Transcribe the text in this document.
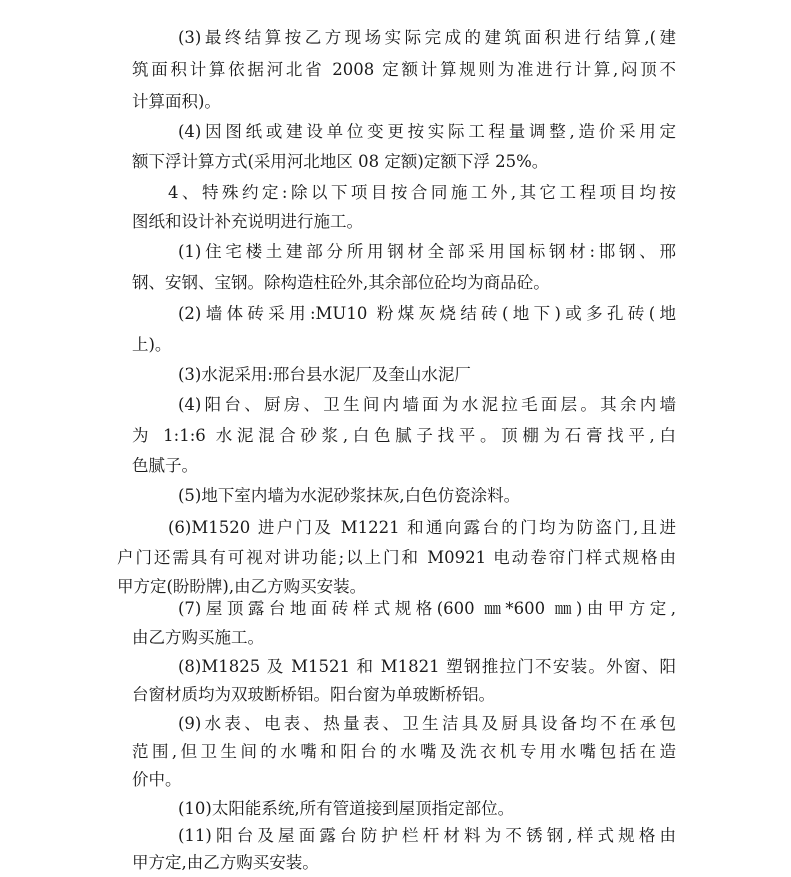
(3)最终结算按乙方现场实际完成的建筑面积进行结算,(建
筑面积计算依据河北省 2008 定额计算规则为准进行计算,闷顶不
计算面积)。
(4)因图纸或建设单位变更按实际工程量调整,造价采用定
额下浮计算方式(采用河北地区 08 定额)定额下浮 25%。
4、特殊约定:除以下项目按合同施工外,其它工程项目均按
图纸和设计补充说明进行施工。
(1)住宅楼土建部分所用钢材全部采用国标钢材:邯钢、邢
钢、安钢、宝钢。除构造柱砼外,其余部位砼均为商品砼。
(2)墙体砖采用:MU10 粉煤灰烧结砖(地下)或多孔砖(地
上)。
(3)水泥采用:邢台县水泥厂及奎山水泥厂
(4)阳台、厨房、卫生间内墙面为水泥拉毛面层。其余内墙
为 1:1:6 水泥混合砂浆,白色腻子找平。顶棚为石膏找平,白
色腻子。
(5)地下室内墙为水泥砂浆抹灰,白色仿瓷涂料。
(6)M1520 进户门及 M1221 和通向露台的门均为防盗门,且进
户门还需具有可视对讲功能;以上门和 M0921 电动卷帘门样式规格由
甲方定(盼盼牌),由乙方购买安装。
(7)屋顶露台地面砖样式规格(600 ㎜*600 ㎜)由甲方定,
由乙方购买施工。
(8)M1825 及 M1521 和 M1821 塑钢推拉门不安装。外窗、阳
台窗材质均为双玻断桥铝。阳台窗为单玻断桥铝。
(9)水表、电表、热量表、卫生洁具及厨具设备均不在承包
范围,但卫生间的水嘴和阳台的水嘴及洗衣机专用水嘴包括在造
价中。
(10)太阳能系统,所有管道接到屋顶指定部位。
(11)阳台及屋面露台防护栏杆材料为不锈钢,样式规格由
甲方定,由乙方购买安装。
